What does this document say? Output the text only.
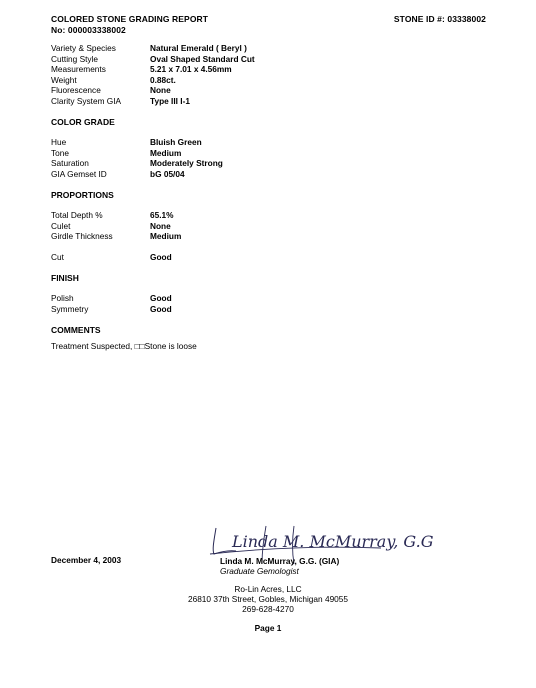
COLORED STONE GRADING REPORT
No: 000003338002
STONE ID #: 03338002
Variety & Species	Natural Emerald ( Beryl )
Cutting Style	Oval Shaped Standard Cut
Measurements	5.21 x 7.01 x 4.56mm
Weight	0.88ct.
Fluorescence	None
Clarity System GIA	Type III I-1
COLOR GRADE
Hue	Bluish Green
Tone	Medium
Saturation	Moderately Strong
GIA Gemset ID	bG 05/04
PROPORTIONS
Total Depth %	65.1%
Culet	None
Girdle Thickness	Medium
Cut	Good
FINISH
Polish	Good
Symmetry	Good
COMMENTS
Treatment Suspected, □□Stone is loose
Linda M. McMurray, G.G
December 4, 2003	Linda M. McMurray, G.G. (GIA)
Graduate Gemologist
Ro-Lin Acres, LLC
26810 37th Street, Gobles, Michigan 49055
269-628-4270
Page 1
